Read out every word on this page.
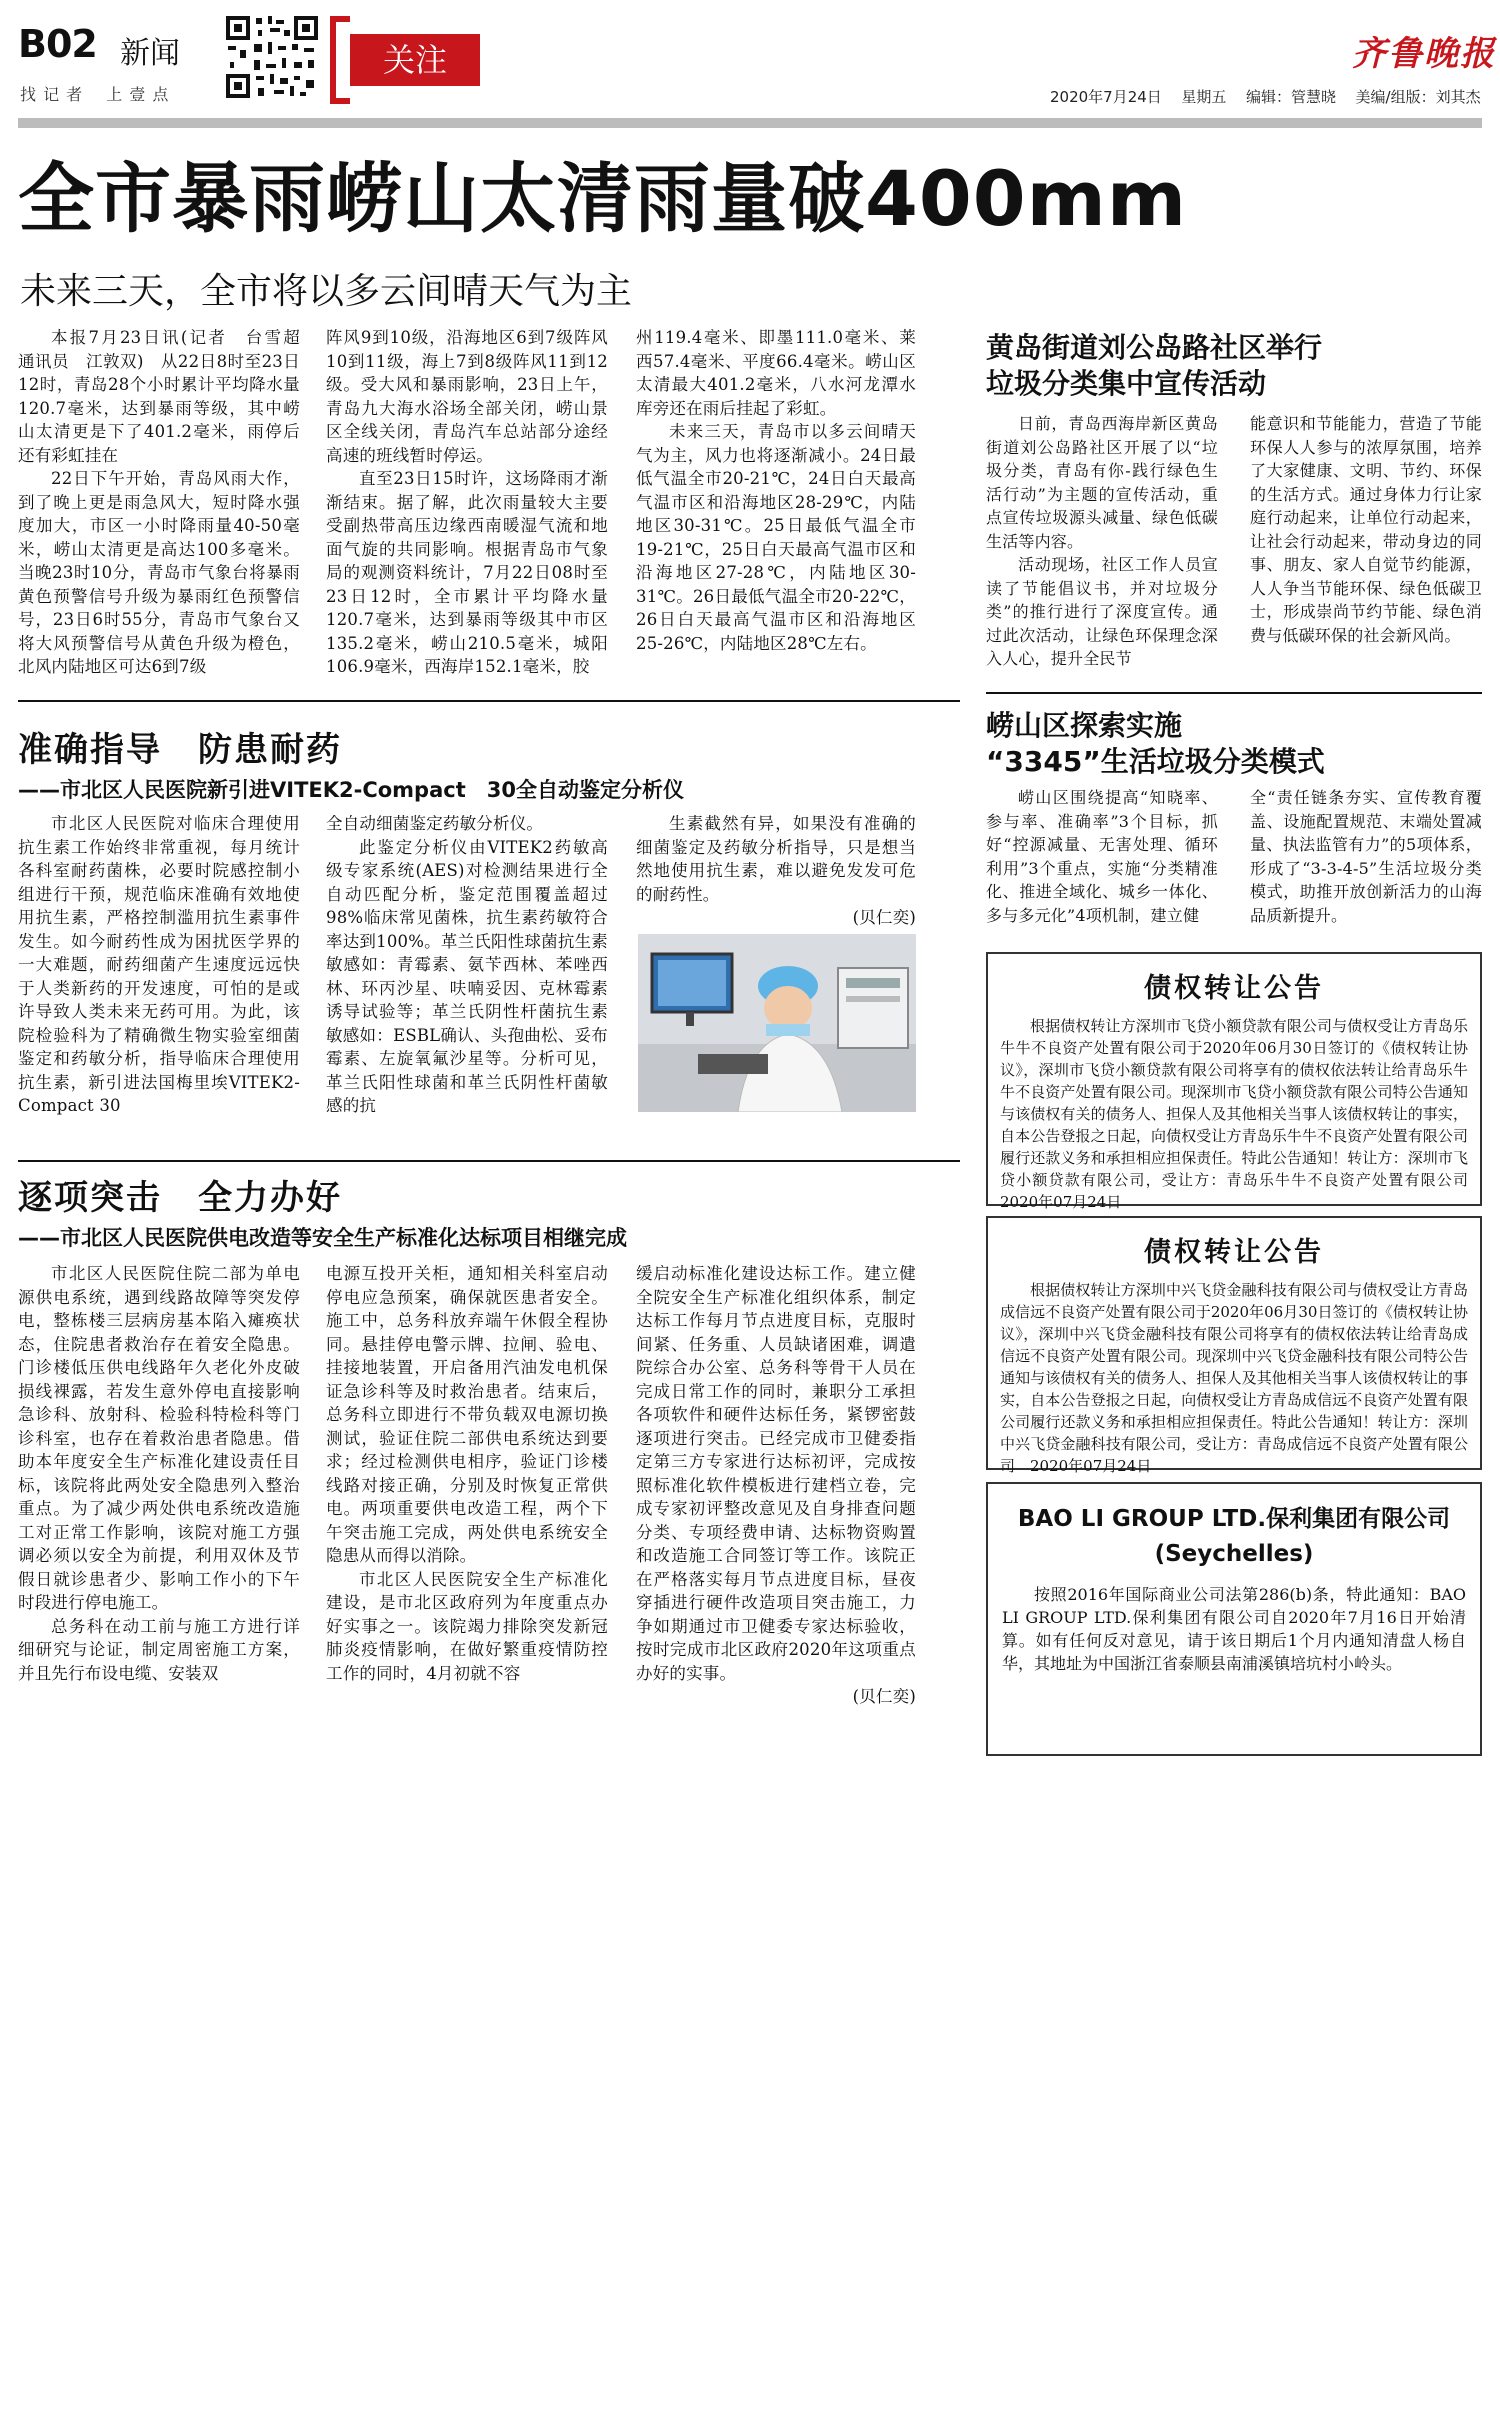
B02 新闻
找 记 者　 上 壹 点
关注	齐鲁晚报
2020年7月24日 星期五 编辑：管慧晓 美编/组版：刘其杰
全市暴雨崂山太清雨量破400mm
未来三天，全市将以多云间晴天气为主

本报7月23日讯(记者　台雪超　通讯员　江敦双)　从22日8时至23日12时，青岛28个小时累计平均降水量120.7毫米，达到暴雨等级，其中崂山太清更是下了401.2毫米，雨停后还有彩虹挂在

22日下午开始，青岛风雨大作，到了晚上更是雨急风大，短时降水强度加大，市区一小时降雨量40-50毫米，崂山太清更是高达100多毫米。当晚23时10分，青岛市气象台将暴雨黄色预警信号升级为暴雨红色预警信号，23日6时55分，青岛市气象台又将大风预警信号从黄色升级为橙色，北风内陆地区可达6到7级

阵风9到10级，沿海地区6到7级阵风10到11级，海上7到8级阵风11到12级。受大风和暴雨影响，23日上午，青岛九大海水浴场全部关闭，崂山景区全线关闭，青岛汽车总站部分途经高速的班线暂时停运。

直至23日15时许，这场降雨才渐渐结束。据了解，此次雨量较大主要受副热带高压边缘西南暖湿气流和地面气旋的共同影响。根据青岛市气象局的观测资料统计，7月22日08时至23日12时，全市累计平均降水量120.7毫米，达到暴雨等级其中市区135.2毫米，崂山210.5毫米，城阳106.9毫米，西海岸152.1毫米，胶

州119.4毫米、即墨111.0毫米、莱西57.4毫米、平度66.4毫米。崂山区太清最大401.2毫米，八水河龙潭水库旁还在雨后挂起了彩虹。

未来三天，青岛市以多云间晴天气为主，风力也将逐渐减小。24日最低气温全市20-21℃，24日白天最高气温市区和沿海地区28-29℃，内陆地区30-31℃。25日最低气温全市19-21℃，25日白天最高气温市区和沿海地区27-28℃，内陆地区30-31℃。26日最低气温全市20-22℃，26日白天最高气温市区和沿海地区25-26℃，内陆地区28℃左右。

黄岛街道刘公岛路社区举行
垃圾分类集中宣传活动

日前，青岛西海岸新区黄岛街道刘公岛路社区开展了以“垃圾分类，青岛有你-践行绿色生活行动”为主题的宣传活动，重点宣传垃圾源头减量、绿色低碳生活等内容。

活动现场，社区工作人员宣读了节能倡议书，并对垃圾分类”的推行进行了深度宣传。通过此次活动，让绿色环保理念深入人心，提升全民节

能意识和节能能力，营造了节能环保人人参与的浓厚氛围，培养了大家健康、文明、节约、环保的生活方式。通过身体力行让家庭行动起来，让单位行动起来，让社会行动起来，带动身边的同事、朋友、家人自觉节约能源，人人争当节能环保、绿色低碳卫士，形成崇尚节约节能、绿色消费与低碳环保的社会新风尚。

崂山区探索实施
“3345”生活垃圾分类模式

崂山区围绕提高“知晓率、参与率、准确率”3个目标，抓好“控源减量、无害处理、循环利用”3个重点，实施“分类精准化、推进全域化、城乡一体化、多与多元化”4项机制，建立健

全“责任链条夯实、宣传教育覆盖、设施配置规范、末端处置减量、执法监管有力”的5项体系，形成了“3-3-4-5”生活垃圾分类模式，助推开放创新活力的山海品质新提升。

准确指导 防患耐药
——市北区人民医院新引进VITEK2-Compact　30全自动鉴定分析仪

市北区人民医院对临床合理使用抗生素工作始终非常重视，每月统计各科室耐药菌株，必要时院感控制小组进行干预，规范临床准确有效地使用抗生素，严格控制滥用抗生素事件发生。如今耐药性成为困扰医学界的一大难题，耐药细菌产生速度远远快于人类新药的开发速度，可怕的是或许导致人类未来无药可用。为此，该院检验科为了精确微生物实验室细菌鉴定和药敏分析，指导临床合理使用抗生素，新引进法国梅里埃VITEK2-Compact 30

全自动细菌鉴定药敏分析仪。

此鉴定分析仪由VITEK2药敏高级专家系统(AES)对检测结果进行全自动匹配分析，鉴定范围覆盖超过98%临床常见菌株，抗生素药敏符合率达到100%。革兰氏阳性球菌抗生素敏感如：青霉素、氨苄西林、苯唑西林、环丙沙星、呋喃妥因、克林霉素诱导试验等；革兰氏阴性杆菌抗生素敏感如：ESBL确认、头孢曲松、妥布霉素、左旋氧氟沙星等。分析可见，革兰氏阳性球菌和革兰氏阴性杆菌敏感的抗

生素截然有异，如果没有准确的细菌鉴定及药敏分析指导，只是想当然地使用抗生素，难以避免发发可危的耐药性。

(贝仁奕)

逐项突击 全力办好
——市北区人民医院供电改造等安全生产标准化达标项目相继完成

市北区人民医院住院二部为单电源供电系统，遇到线路故障等突发停电，整栋楼三层病房基本陷入瘫痪状态，住院患者救治存在着安全隐患。门诊楼低压供电线路年久老化外皮破损线裸露，若发生意外停电直接影响急诊科、放射科、检验科特检科等门诊科室，也存在着救治患者隐患。借助本年度安全生产标准化建设责任目标，该院将此两处安全隐患列入整治重点。为了减少两处供电系统改造施工对正常工作影响，该院对施工方强调必须以安全为前提，利用双休及节假日就诊患者少、影响工作小的下午时段进行停电施工。

总务科在动工前与施工方进行详细研究与论证，制定周密施工方案，并且先行布设电缆、安装双

电源互投开关柜，通知相关科室启动停电应急预案，确保就医患者安全。施工中，总务科放弃端午休假全程协同。悬挂停电警示牌、拉闸、验电、挂接地装置，开启备用汽油发电机保证急诊科等及时救治患者。结束后，总务科立即进行不带负载双电源切换测试，验证住院二部供电系统达到要求；经过检测供电相序，验证门诊楼线路对接正确，分别及时恢复正常供电。两项重要供电改造工程，两个下午突击施工完成，两处供电系统安全隐患从而得以消除。

市北区人民医院安全生产标准化建设，是市北区政府列为年度重点办好实事之一。该院竭力排除突发新冠肺炎疫情影响，在做好繁重疫情防控工作的同时，4月初就不容

缓启动标准化建设达标工作。建立健全院安全生产标准化组织体系，制定达标工作每月节点进度目标，克服时间紧、任务重、人员缺诸困难，调遣院综合办公室、总务科等骨干人员在完成日常工作的同时，兼职分工承担各项软件和硬件达标任务，紧锣密鼓逐项进行突击。已经完成市卫健委指定第三方专家进行达标初评，完成按照标准化软件模板进行建档立卷，完成专家初评整改意见及自身排查问题分类、专项经费申请、达标物资购置和改造施工合同签订等工作。该院正在严格落实每月节点进度目标，昼夜穿插进行硬件改造项目突击施工，力争如期通过市卫健委专家达标验收，按时完成市北区政府2020年这项重点办好的实事。

(贝仁奕)

债权转让公告

根据债权转让方深圳市飞贷小额贷款有限公司与债权受让方青岛乐牛牛不良资产处置有限公司于2020年06月30日签订的《债权转让协议》，深圳市飞贷小额贷款有限公司将享有的债权依法转让给青岛乐牛牛不良资产处置有限公司。现深圳市飞贷小额贷款有限公司特公告通知与该债权有关的债务人、担保人及其他相关当事人该债权转让的事实，自本公告登报之日起，向债权受让方青岛乐牛牛不良资产处置有限公司履行还款义务和承担相应担保责任。特此公告通知！转让方：深圳市飞贷小额贷款有限公司，受让方：青岛乐牛牛不良资产处置有限公司　2020年07月24日

债权转让公告

根据债权转让方深圳中兴飞贷金融科技有限公司与债权受让方青岛成信远不良资产处置有限公司于2020年06月30日签订的《债权转让协议》，深圳中兴飞贷金融科技有限公司将享有的债权依法转让给青岛成信远不良资产处置有限公司。现深圳中兴飞贷金融科技有限公司特公告通知与该债权有关的债务人、担保人及其他相关当事人该债权转让的事实，自本公告登报之日起，向债权受让方青岛成信远不良资产处置有限公司履行还款义务和承担相应担保责任。特此公告通知！转让方：深圳中兴飞贷金融科技有限公司，受让方：青岛成信远不良资产处置有限公司　2020年07月24日

BAO LI GROUP LTD.保利集团有限公司
(Seychelles)

按照2016年国际商业公司法第286(b)条，特此通知：BAO LI GROUP LTD.保利集团有限公司自2020年7月16日开始清算。如有任何反对意见，请于该日期后1个月内通知清盘人杨自华，其地址为中国浙江省泰顺县南浦溪镇培坑村小岭头。
